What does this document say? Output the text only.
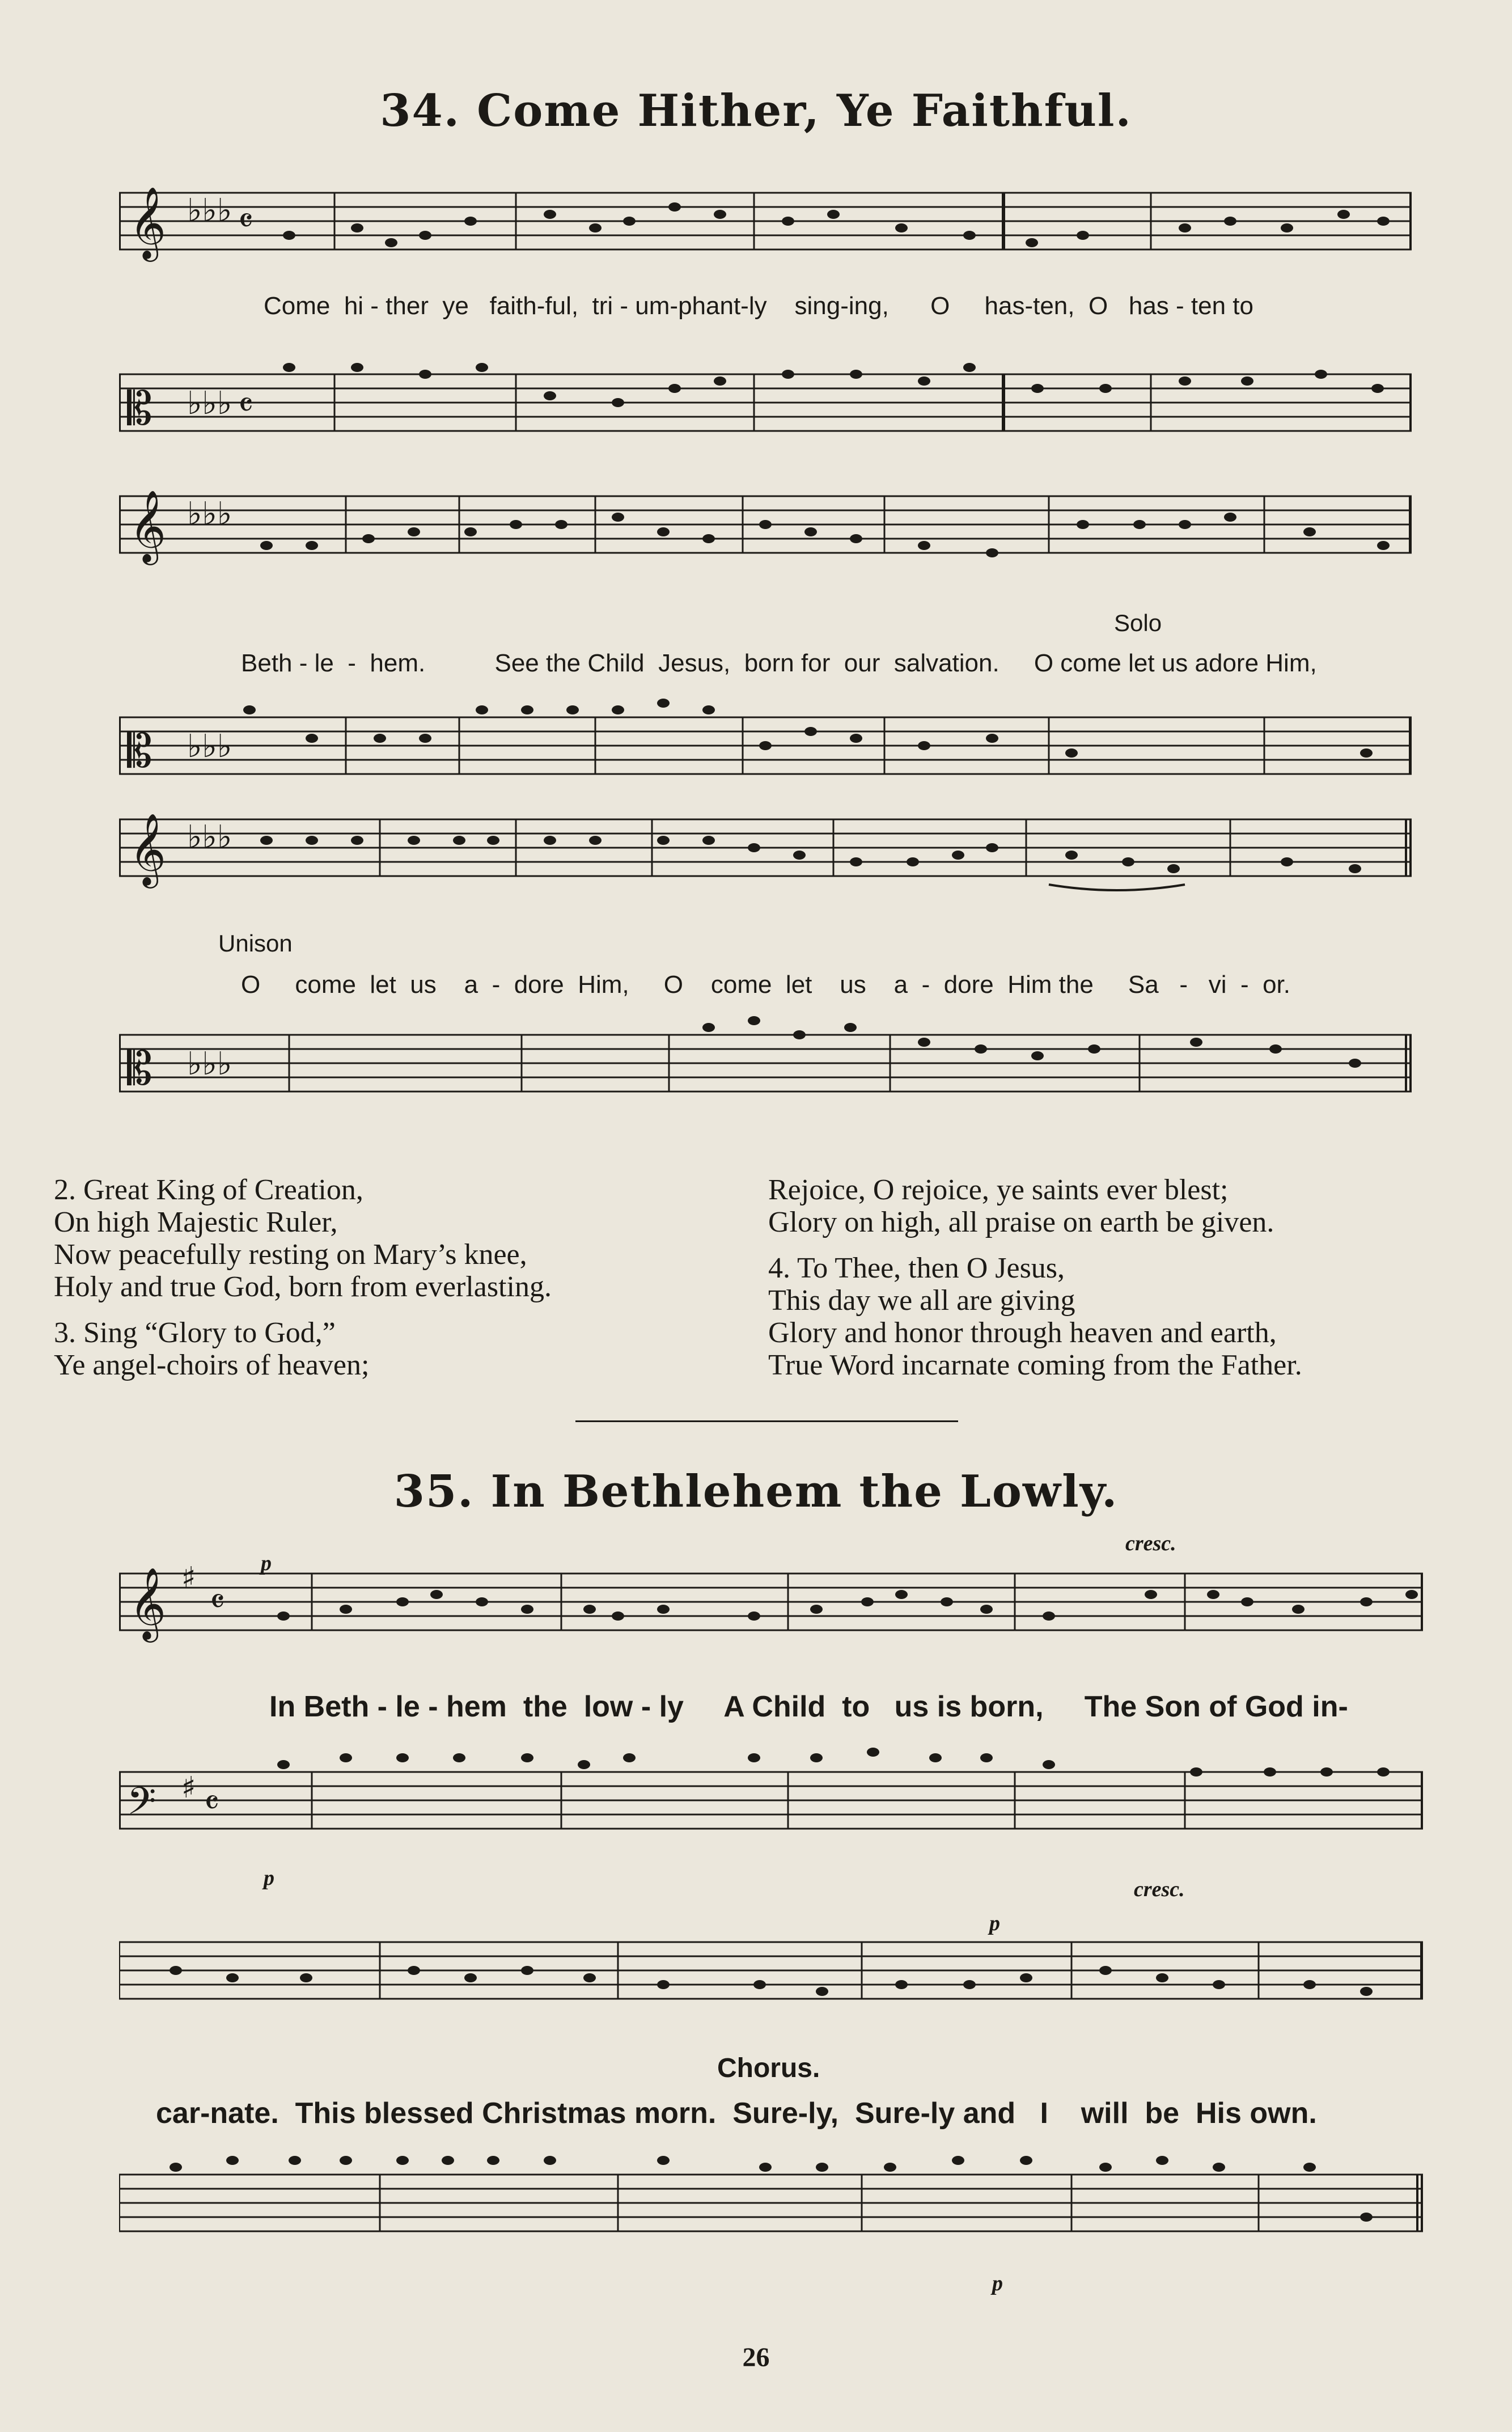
34. Come Hither, Ye Faithful.
𝄞 ♭♭♭ 𝄴
Come  hi - ther  ye   faith-ful,  tri - um-phant-ly    sing-ing,      O     has-ten,  O   has - ten to
𝄡 ♭♭♭ 𝄴
𝄞 ♭♭♭
Solo
Beth - le  -  hem.          See the Child  Jesus,  born for  our  salvation.     O come let us adore Him,
𝄡 ♭♭♭
𝄞 ♭♭♭
Unison
O     come  let  us    a  -  dore  Him,     O    come  let    us    a  -  dore  Him the     Sa   -   vi  -  or.
𝄡 ♭♭♭

2. Great King of Creation,
On high Majestic Ruler,
Now peacefully resting on Mary’s knee,
Holy and true God, born from everlasting.

3. Sing “Glory to God,”
Ye angel-choirs of heaven;

Rejoice, O rejoice, ye saints ever blest;
Glory on high, all praise on earth be given.

4. To Thee, then O Jesus,
This day we all are giving
Glory and honor through heaven and earth,
True Word incarnate coming from the Father.

35. In Bethlehem the Lowly.
p
cresc.
𝄞 ♯
𝄴
In Beth - le - hem  the  low - ly     A Child  to   us is born,     The Son of God in-
𝄢 ♯ 𝄴
p	cresc.
p
Chorus.
car-nate.  This blessed Christmas morn.  Sure-ly,  Sure-ly and   I    will  be  His own.
p
26
